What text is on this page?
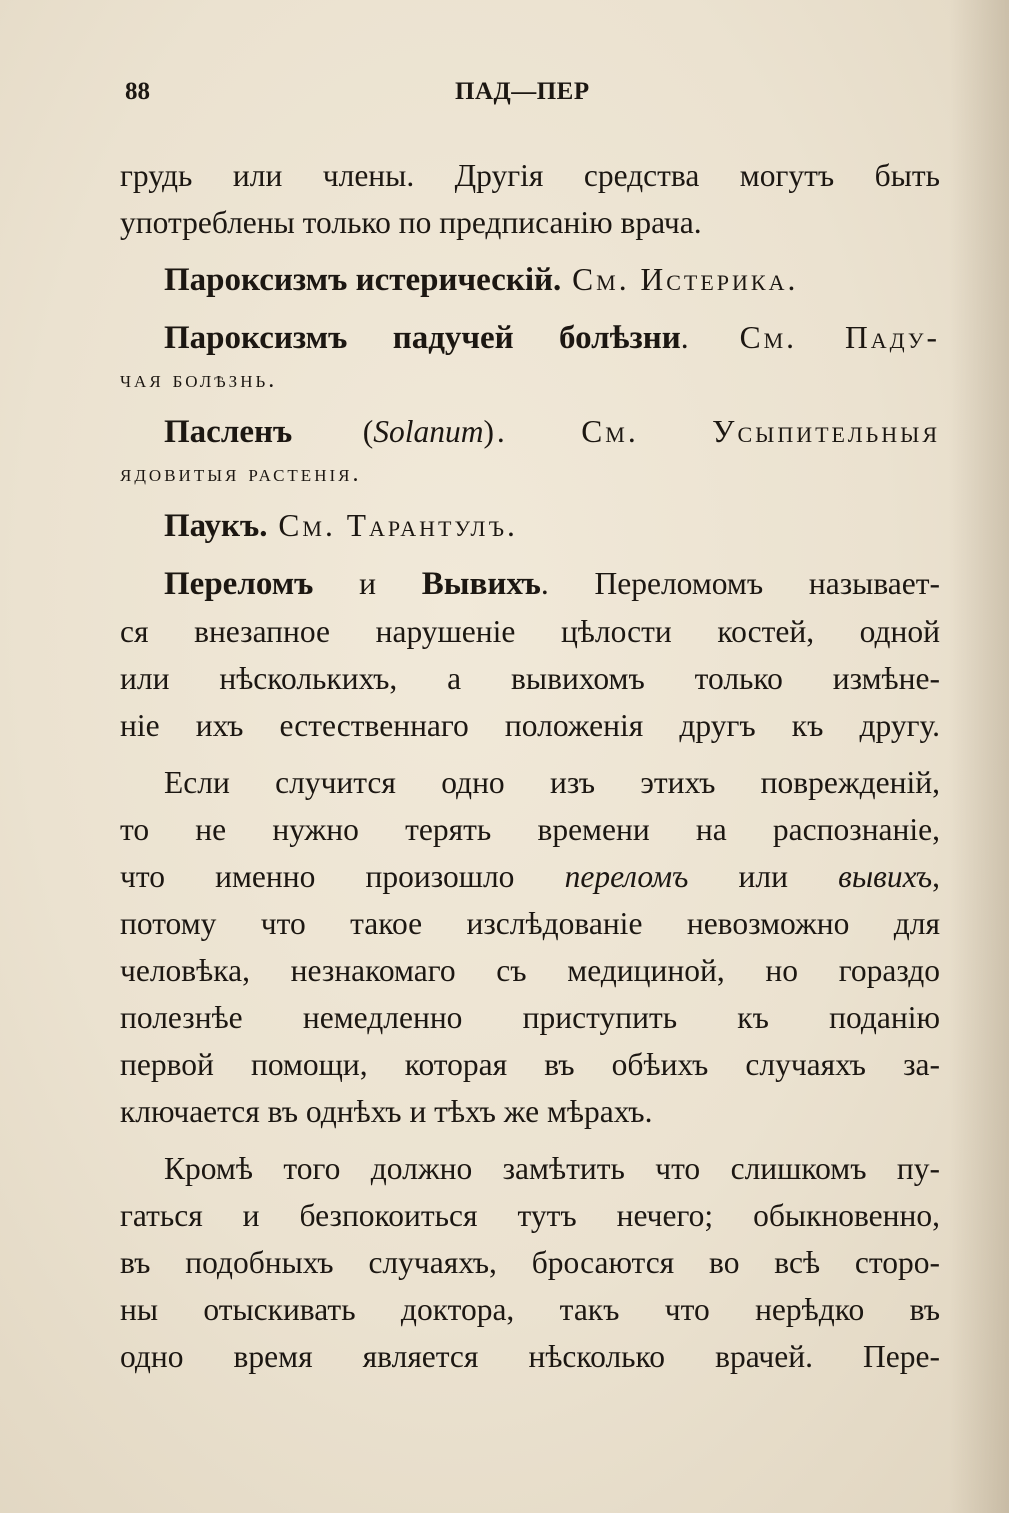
88	ПАД—ПЕР

грудь или члены. Другія средства могутъ быть

употреблены только по предписанію врача.

Пароксизмъ истерическій. См. Истерика.

Пароксизмъ падучей болѣзни. См. Паду-

чая болѣзнь.

Пасленъ (Solanum). См. Усыпительныя

ядовитыя растенія.

Паукъ. См. Тарантулъ.

Переломъ и Вывихъ. Переломомъ называет-

ся внезапное нарушеніе цѣлости костей, одной

или нѣсколькихъ, а вывихомъ только измѣне-

ніе ихъ естественнаго положенія другъ къ другу.

Если случится одно изъ этихъ поврежденій,

то не нужно терять времени на распознаніе,

что именно произошло переломъ или вывихъ,

потому что такое изслѣдованіе невозможно для

человѣка, незнакомаго съ медициной, но гораздо

полезнѣе немедленно приступить къ поданію

первой помощи, которая въ обѣихъ случаяхъ за-

ключается въ однѣхъ и тѣхъ же мѣрахъ.

Кромѣ того должно замѣтить что слишкомъ пу-

гаться и безпокоиться тутъ нечего; обыкновенно,

въ подобныхъ случаяхъ, бросаются во всѣ сторо-

ны отыскивать доктора, такъ что нерѣдко въ

одно время является нѣсколько врачей. Пере-
